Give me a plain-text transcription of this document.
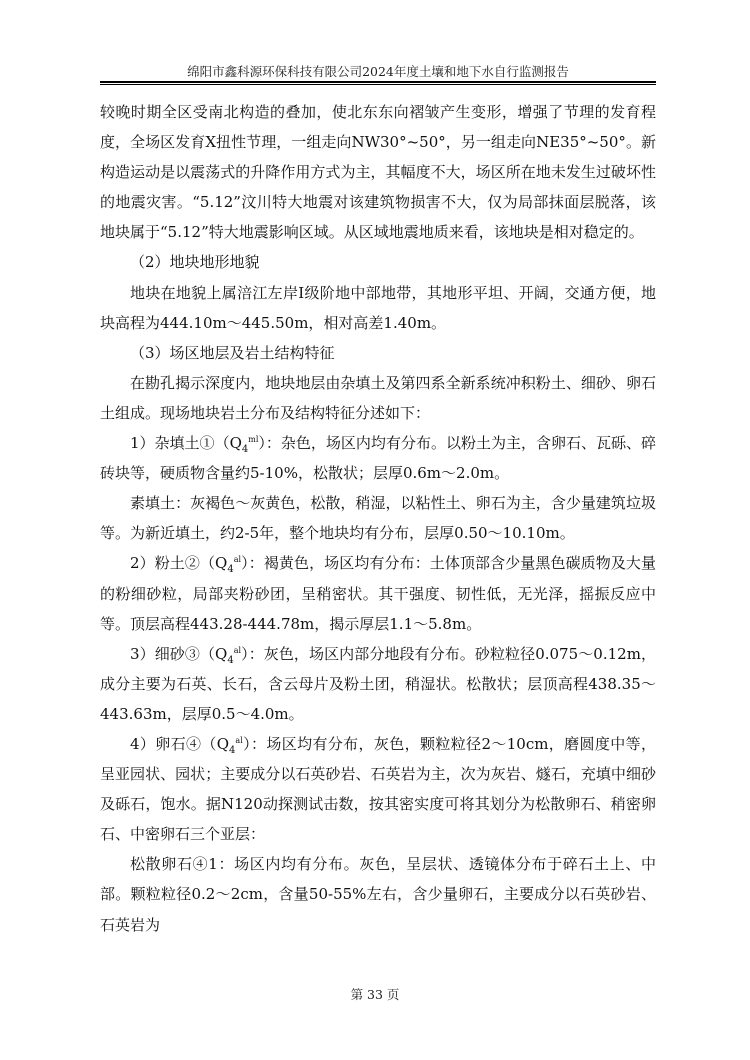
绵阳市鑫科源环保科技有限公司2024年度土壤和地下水自行监测报告

较晚时期全区受南北构造的叠加，使北东东向褶皱产生变形，增强了节理的发育程度，全场区发育X扭性节理，一组走向NW30°~50°，另一组走向NE35°~50°。新构造运动是以震荡式的升降作用方式为主，其幅度不大，场区所在地未发生过破坏性的地震灾害。“5.12”汶川特大地震对该建筑物损害不大，仅为局部抹面层脱落，该地块属于“5.12”特大地震影响区域。从区域地震地质来看，该地块是相对稳定的。

（2）地块地形地貌

地块在地貌上属涪江左岸Ⅰ级阶地中部地带，其地形平坦、开阔，交通方便，地块高程为444.10m～445.50m，相对高差1.40m。

（3）场区地层及岩土结构特征

在勘孔揭示深度内，地块地层由杂填土及第四系全新系统冲积粉土、细砂、卵石土组成。现场地块岩土分布及结构特征分述如下：

1）杂填土$①(Q_4^{ml})$：杂色，场区内均有分布。以粉土为主，含卵石、瓦砾、碎砖块等，硬质物含量约5-10%，松散状；层厚0.6m～2.0m。

素填土：灰褐色～灰黄色，松散，稍湿，以粘性土、卵石为主，含少量建筑垃圾等。为新近填土，约2-5年，整个地块均有分布，层厚0.50～10.10m。

2）粉土$②(Q_4^{al})$：褐黄色，场区均有分布：土体顶部含少量黑色碳质物及大量的粉细砂粒，局部夹粉砂团，呈稍密状。其干强度、韧性低，无光泽，摇振反应中等。顶层高程443.28-444.78m，揭示厚层1.1～5.8m。

3）细砂$③(Q_4^{al})$：灰色，场区内部分地段有分布。砂粒粒径0.075～0.12m，成分主要为石英、长石，含云母片及粉土团，稍湿状。松散状；层顶高程438.35～443.63m，层厚0.5～4.0m。

4）卵石$④(Q_4^{al})$：场区均有分布，灰色，颗粒粒径2～10cm，磨圆度中等，呈亚园状、园状；主要成分以石英砂岩、石英岩为主，次为灰岩、燧石，充填中细砂及砾石，饱水。据N120动探测试击数，按其密实度可将其划分为松散卵石、稍密卵石、中密卵石三个亚层：

松散卵石④1：场区内均有分布。灰色，呈层状、透镜体分布于碎石土上、中部。颗粒粒径0.2～2cm，含量50-55%左右，含少量卵石，主要成分以石英砂岩、石英岩为

第 33 页
